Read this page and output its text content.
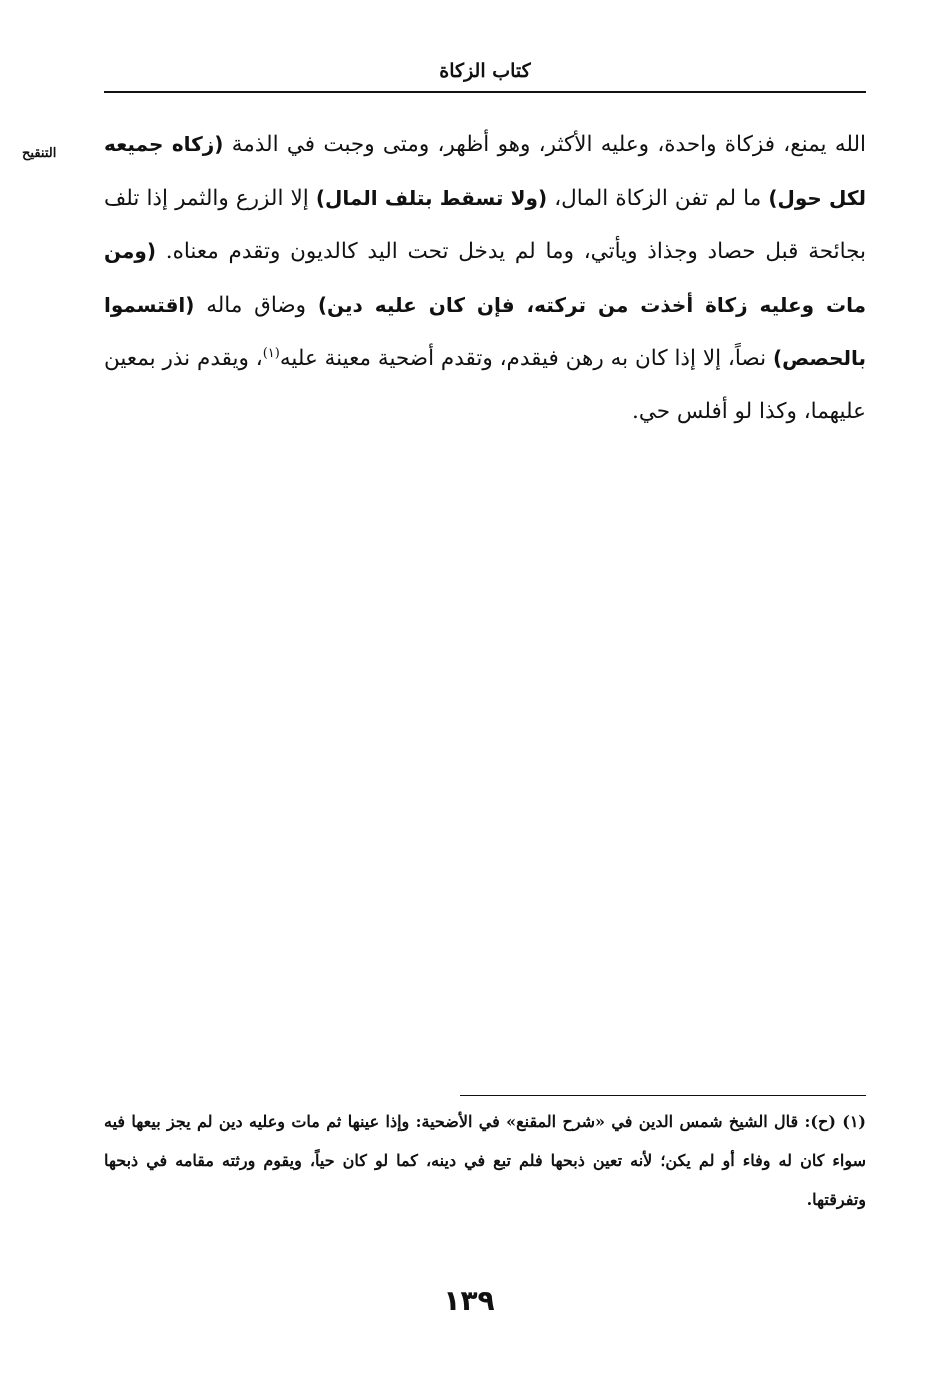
كتاب الزكاة
التنقيح	الله يمنع، فزكاة واحدة، وعليه الأكثر، وهو أظهر، ومتى وجبت في الذمة (زكاه جميعه لكل حول) ما لم تفن الزكاة المال، (ولا تسقط بتلف المال) إلا الزرع والثمر إذا تلف بجائحة قبل حصاد وجذاذ ويأتي، وما لم يدخل تحت اليد كالديون وتقدم معناه. (ومن مات وعليه زكاة أخذت من تركته، فإن كان عليه دين) وضاق ماله (اقتسموا بالحصص) نصاً، إلا إذا كان به رهن فيقدم، وتقدم أضحية معينة عليه$^{(١)}$، ويقدم نذر بمعين عليهما، وكذا لو أفلس حي.

(١) (ح): قال الشيخ شمس الدين في «شرح المقنع» في الأضحية: وإذا عينها ثم مات وعليه دين لم يجز بيعها فيه سواء كان له وفاء أو لم يكن؛ لأنه تعين ذبحها فلم تبع في دينه، كما لو كان حياً، ويقوم ورثته مقامه في ذبحها وتفرقتها.

١٣٩
